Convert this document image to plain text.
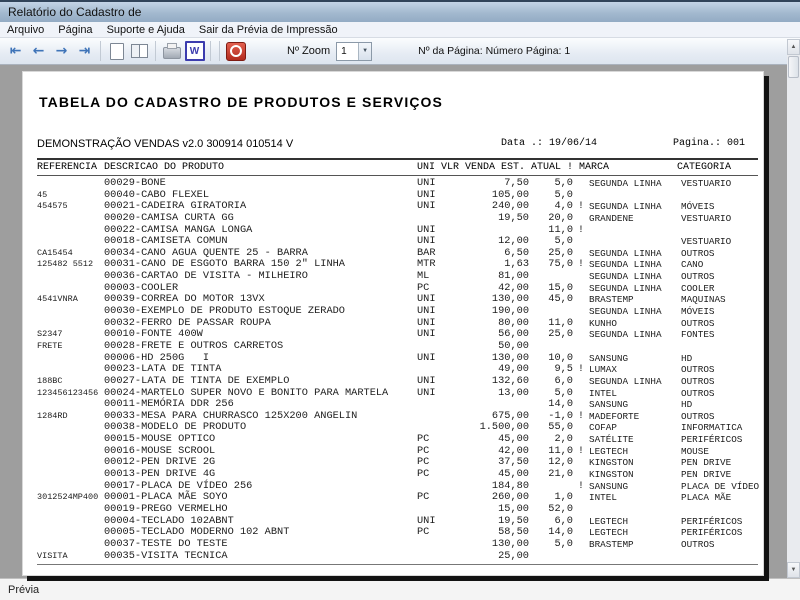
Relatório do Cadastro de
Arquivo	Página	Suporte e Ajuda	Sair da Prévia de Impressão
⇤ ← → ⇥	W	Nº Zoom	1	▼	Nº da Página: Número Página: 1
TABELA DO CADASTRO DE PRODUTOS E SERVIÇOS
DEMONSTRAÇÃO VENDAS v2.0 300914 010514 V	Data .: 19/06/14	Pagina.: 001
REFERENCIA DESCRICAO DO PRODUTO	UNI VLR VENDA EST. ATUAL ! MARCA	CATEGORIA
00029-BONE	UNI	7,50	5,0 SEGUNDA LINHA	VESTUARIO
45	00040-CABO FLEXEL	UNI	105,00	5,0
454575	00021-CADEIRA GIRATORIA	UNI	240,00	4,0 ! SEGUNDA LINHA	MÓVEIS
00020-CAMISA CURTA GG	19,50	20,0 GRANDENE	VESTUARIO
00022-CAMISA MANGA LONGA	UNI	11,0 !
00018-CAMISETA COMUN	UNI	12,00	5,0	VESTUARIO
CA15454	00034-CANO AGUA QUENTE 25 - BARRA	BAR	6,50	25,0 SEGUNDA LINHA	OUTROS
125482 5512	00031-CANO DE ESGOTO BARRA 150 2" LINHA	MTR	1,63	75,0 ! SEGUNDA LINHA	CANO
00036-CARTAO DE VISITA - MILHEIRO	ML	81,00	SEGUNDA LINHA	OUTROS
00003-COOLER	PC	42,00	15,0 SEGUNDA LINHA	COOLER
4541VNRA	00039-CORREA DO MOTOR 13VX	UNI	130,00	45,0 BRASTEMP	MAQUINAS
00030-EXEMPLO DE PRODUTO ESTOQUE ZERADO	UNI	190,00	SEGUNDA LINHA	MÓVEIS
00032-FERRO DE PASSAR ROUPA	UNI	80,00	11,0 KUNHO	OUTROS
S2347	00010-FONTE 400W	UNI	56,00	25,0 SEGUNDA LINHA	FONTES
FRETE	00028-FRETE E OUTROS CARRETOS	50,00
00006-HD 250G   I	UNI	130,00	10,0 SANSUNG	HD
00023-LATA DE TINTA	49,00	9,5 ! LUMAX	OUTROS
188BC	00027-LATA DE TINTA DE EXEMPLO	UNI	132,60	6,0 SEGUNDA LINHA	OUTROS
123456123456 00024-MARTELO SUPER NOVO E BONITO PARA MARTELA	UNI	13,00	5,0 INTEL	OUTROS
00011-MEMÓRIA DDR 256	14,0 SANSUNG	HD
1284RD	00033-MESA PARA CHURRASCO 125X200 ANGELIN	675,00	-1,0 ! MADEFORTE	OUTROS
00038-MODELO DE PRODUTO	1.500,00	55,0 COFAP	INFORMATICA
00015-MOUSE OPTICO	PC	45,00	2,0 SATÉLITE	PERIFÉRICOS
00016-MOUSE SCROOL	PC	42,00	11,0 ! LEGTECH	MOUSE
00012-PEN DRIVE 2G	PC	37,50	12,0 KINGSTON	PEN DRIVE
00013-PEN DRIVE 4G	PC	45,00	21,0 KINGSTON	PEN DRIVE
00017-PLACA DE VÍDEO 256	184,80	! SANSUNG	PLACA DE VÍDEO
3012524MP400 00001-PLACA MÃE SOYO	PC	260,00	1,0 INTEL	PLACA MÃE
00019-PREGO VERMELHO	15,00	52,0
00004-TECLADO 102ABNT	UNI	19,50	6,0 LEGTECH	PERIFÉRICOS
00005-TECLADO MODERNO 102 ABNT	PC	58,50	14,0 LEGTECH	PERIFÉRICOS
00037-TESTE DO TESTE	130,00	5,0 BRASTEMP	OUTROS
VISITA	00035-VISITA TECNICA	25,00
▲
▼
Prévia
